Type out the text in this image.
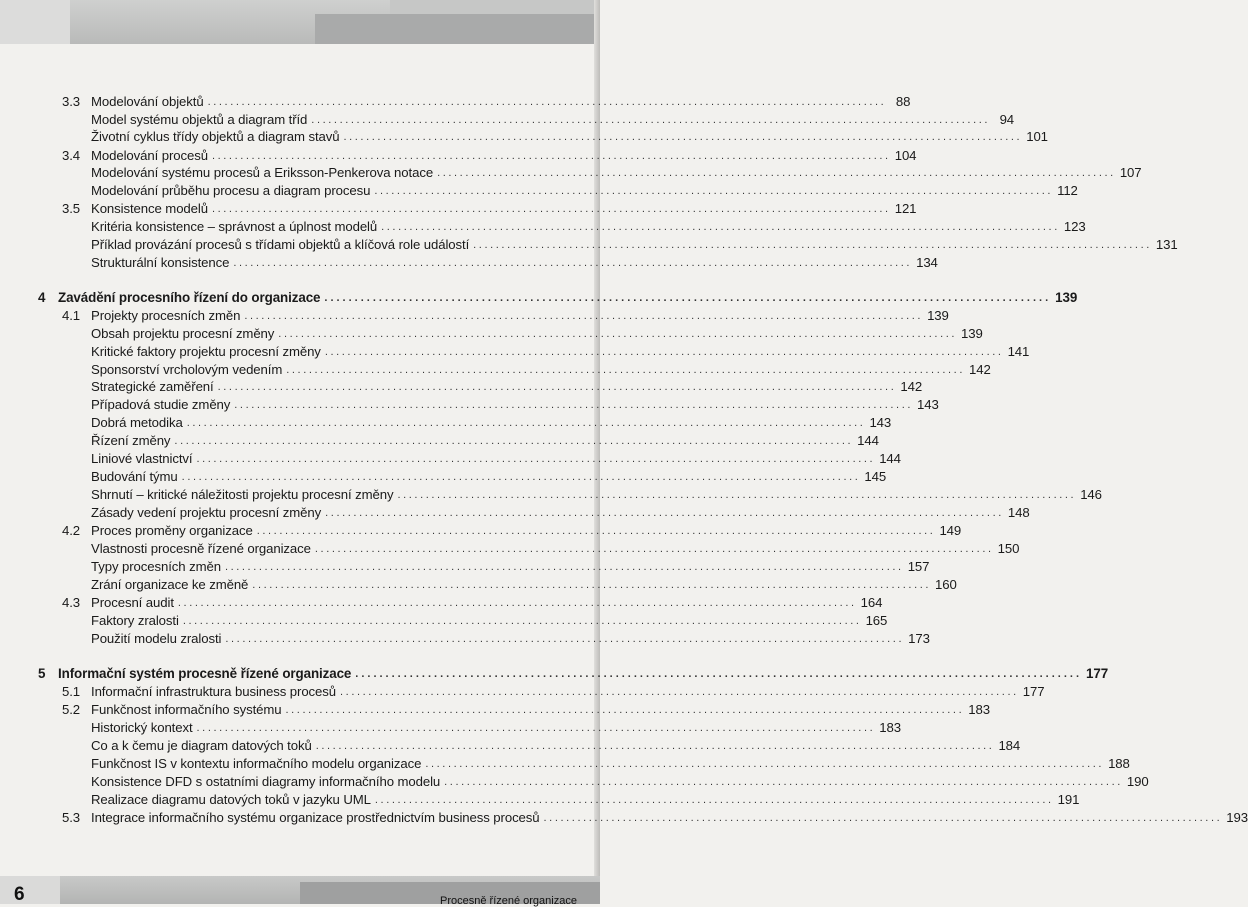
3.3 Modelování objektů ........................................................................................................................ 88
Model systému objektů a diagram tříd ........................................................................................................................ 94
Životní cyklus třídy objektů a diagram stavů ........................................................................................................................ 101
3.4 Modelování procesů ........................................................................................................................ 104
Modelování systému procesů a Eriksson-Penkerova notace ........................................................................................................................ 107
Modelování průběhu procesu a diagram procesu ........................................................................................................................ 112
3.5 Konsistence modelů ........................................................................................................................ 121
Kritéria konsistence – správnost a úplnost modelů ........................................................................................................................ 123
Příklad provázání procesů s třídami objektů a klíčová role událostí ........................................................................................................................ 131
Strukturální konsistence ........................................................................................................................ 134
4 Zavádění procesního řízení do organizace ........................................................................................................................ 139
4.1 Projekty procesních změn ........................................................................................................................ 139
Obsah projektu procesní změny ........................................................................................................................ 139
Kritické faktory projektu procesní změny ........................................................................................................................ 141
Sponsorství vrcholovým vedením ........................................................................................................................ 142
Strategické zaměření ........................................................................................................................ 142
Případová studie změny ........................................................................................................................ 143
Dobrá metodika ........................................................................................................................ 143
Řízení změny ........................................................................................................................ 144
Liniové vlastnictví ........................................................................................................................ 144
Budování týmu ........................................................................................................................ 145
Shrnutí – kritické náležitosti projektu procesní změny ........................................................................................................................ 146
Zásady vedení projektu procesní změny ........................................................................................................................ 148
4.2 Proces proměny organizace ........................................................................................................................ 149
Vlastnosti procesně řízené organizace ........................................................................................................................ 150
Typy procesních změn ........................................................................................................................ 157
Zrání organizace ke změně ........................................................................................................................ 160
4.3 Procesní audit ........................................................................................................................ 164
Faktory zralosti ........................................................................................................................ 165
Použití modelu zralosti ........................................................................................................................ 173
5 Informační systém procesně řízené organizace ........................................................................................................................ 177
5.1 Informační infrastruktura business procesů ........................................................................................................................ 177
5.2 Funkčnost informačního systému ........................................................................................................................ 183
Historický kontext ........................................................................................................................ 183
Co a k čemu je diagram datových toků ........................................................................................................................ 184
Funkčnost IS v kontextu informačního modelu organizace ........................................................................................................................ 188
Konsistence DFD s ostatními diagramy informačního modelu ........................................................................................................................ 190
Realizace diagramu datových toků v jazyku UML ........................................................................................................................ 191
5.3 Integrace informačního systému organizace prostřednictvím business procesů ........................................................................................................................ 193
6	Procesně řízené organizace
